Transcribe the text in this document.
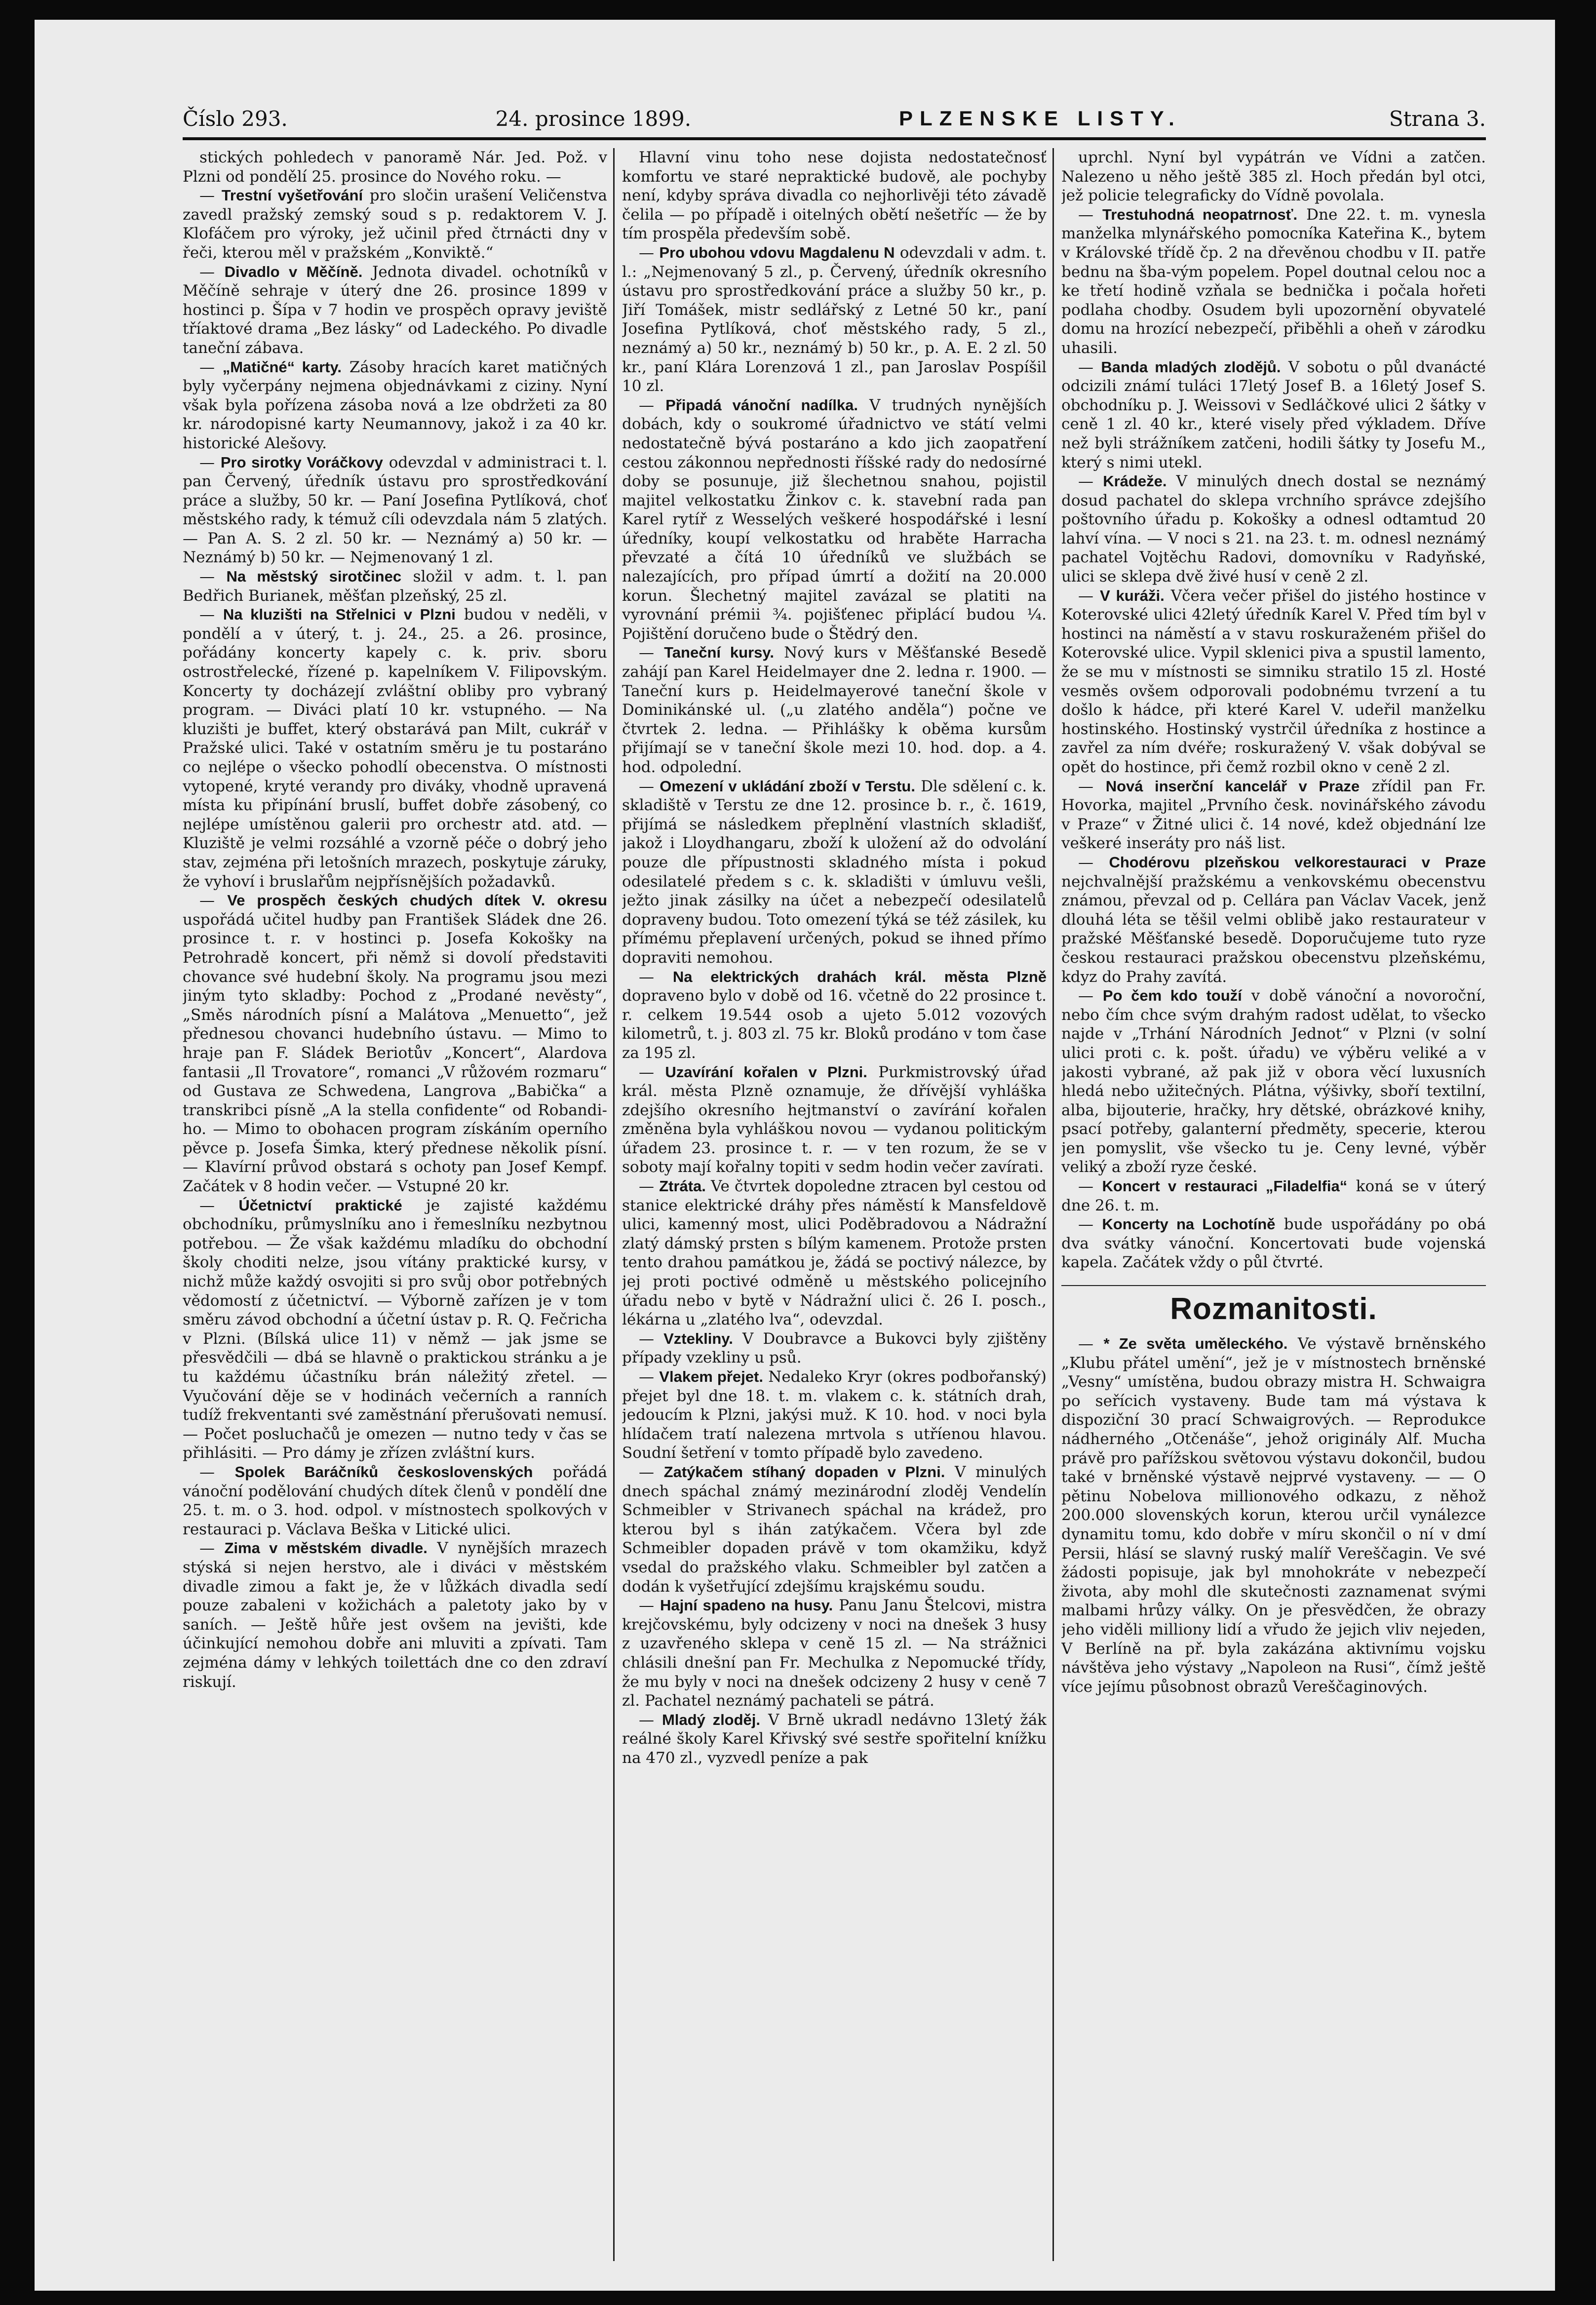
Číslo 293.	24. prosince 1899.	PLZENSKE LISTY.	Strana 3.

stických pohledech v panoramě Nár. Jed. Pož. v Plzni od pondělí 25. prosince do Nového roku. —

— Trestní vyšetřování pro sločin urašení Veličenstva zavedl pražský zemský soud s p. redaktorem V. J. Klofáčem pro výroky, jež učinil před čtrnácti dny v řeči, kterou měl v pražském „Konviktě.“

— Divadlo v Měčíně. Jednota divadel. ochotníků v Měčíně sehraje v úterý dne 26. prosince 1899 v hostinci p. Šípa v 7 hodin ve prospěch opravy jeviště tříaktové drama „Bez lásky“ od Ladeckého. Po divadle taneční zábava.

— „Matičné“ karty. Zásoby hracích karet matičných byly vyčerpány nejmena objednávkami z ciziny. Nyní však byla pořízena zásoba nová a lze obdržeti za 80 kr. národopisné karty Neumannovy, jakož i za 40 kr. historické Alešovy.

— Pro sirotky Voráčkovy odevzdal v administraci t. l. pan Červený, úředník ústavu pro sprostředkování práce a služby, 50 kr. — Paní Josefina Pytlíková, choť městského rady, k témuž cíli odevzdala nám 5 zlatých. — Pan A. S. 2 zl. 50 kr. — Neznámý a) 50 kr. — Neznámý b) 50 kr. — Nejmenovaný 1 zl.

— Na městský sirotčinec složil v adm. t. l. pan Bedřich Burianek, měšťan plzeňský, 25 zl.

— Na kluzišti na Střelnici v Plzni budou v neděli, v pondělí a v úterý, t. j. 24., 25. a 26. prosince, pořádány koncerty kapely c. k. priv. sboru ostrostřelecké, řízené p. kapelníkem V. Filipovským. Koncerty ty docházejí zvláštní obliby pro vybraný program. — Diváci platí 10 kr. vstupného. — Na kluzišti je buffet, který obstarává pan Milt, cukrář v Pražské ulici. Také v ostatním směru je tu postaráno co nejlépe o všecko pohodlí obecenstva. O místnosti vytopené, kryté verandy pro diváky, vhodně upravená místa ku připínání bruslí, buffet dobře zásobený, co nejlépe umístěnou galerii pro orchestr atd. atd. — Kluziště je velmi rozsáhlé a vzorně péče o dobrý jeho stav, zejména při letošních mrazech, poskytuje záruky, že vyhoví i bruslařům nejpřísnějších požadavků.

— Ve prospěch českých chudých dítek V. okresu uspořádá učitel hudby pan František Sládek dne 26. prosince t. r. v hostinci p. Josefa Kokošky na Petrohradě koncert, při němž si dovolí představiti chovance své hudební školy. Na programu jsou mezi jiným tyto skladby: Pochod z „Prodané nevěsty“, „Směs národních písní a Malátova „Menuetto“, jež přednesou chovanci hudebního ústavu. — Mimo to hraje pan F. Sládek Beriotův „Koncert“, Alardova fantasii „Il Trovatore“, romanci „V růžovém rozmaru“ od Gustava ze Schwedena, Langrova „Babička“ a transkribci písně „A la stella confidente“ od Robandi-ho. — Mimo to obohacen program získáním operního pěvce p. Josefa Šimka, který přednese několik písní. — Klavírní průvod obstará s ochoty pan Josef Kempf. Začátek v 8 hodin večer. — Vstupné 20 kr.

— Účetnictví praktické je zajisté každému obchodníku, průmyslníku ano i řemeslníku nezbytnou potřebou. — Že však každému mladíku do obchodní školy choditi nelze, jsou vítány praktické kursy, v nichž může každý osvojiti si pro svůj obor potřebných vědomostí z účetnictví. — Výborně zařízen je v tom směru závod obchodní a účetní ústav p. R. Q. Fečricha v Plzni. (Bílská ulice 11) v němž — jak jsme se přesvědčili — dbá se hlavně o praktickou stránku a je tu každému účastníku brán náležitý zřetel. — Vyučování děje se v hodinách večerních a ranních tudíž frekventanti své zaměstnání přerušovati nemusí. — Počet posluchačů je omezen — nutno tedy v čas se přihlásiti. — Pro dámy je zřízen zvláštní kurs.

— Spolek Baráčníků československých pořádá vánoční podělování chudých dítek členů v pondělí dne 25. t. m. o 3. hod. odpol. v místnostech spolkových v restauraci p. Václava Beška v Litické ulici.

— Zima v městském divadle. V nynějších mrazech stýská si nejen herstvo, ale i diváci v městském divadle zimou a fakt je, že v lůžkách divadla sedí pouze zabaleni v kožichách a paletoty jako by v saních. — Ještě hůře jest ovšem na jevišti, kde účinkující nemohou dobře ani mluviti a zpívati. Tam zejména dámy v lehkých toilettách dne co den zdraví riskují.

Hlavní vinu toho nese dojista nedostatečnosť komfortu ve staré nepraktické budově, ale pochyby není, kdyby správa divadla co nejhorlivěji této závadě čelila — po případě i oitelných obětí nešetříc — že by tím prospěla především sobě.

— Pro ubohou vdovu Magdalenu N odevzdali v adm. t. l.: „Nejmenovaný 5 zl., p. Červený, úředník okresního ústavu pro sprostředkování práce a služby 50 kr., p. Jiří Tomášek, mistr sedlářský z Letné 50 kr., paní Josefina Pytlíková, choť městského rady, 5 zl., neznámý a) 50 kr., neznámý b) 50 kr., p. A. E. 2 zl. 50 kr., paní Klára Lorenzová 1 zl., pan Jaroslav Pospíšil 10 zl.

— Připadá vánoční nadílka. V trudných nynějších dobách, kdy o soukromé úřadnictvo ve státí velmi nedostatečně bývá postaráno a kdo jich zaopatření cestou zákonnou nepřednosti říšské rady do nedosírné doby se posunuje, již šlechetnou snahou, pojistil majitel velkostatku Žinkov c. k. stavební rada pan Karel rytíř z Wesselých veškeré hospodářské i lesní úředníky, koupí velkostatku od hraběte Harracha převzaté a čítá 10 úředníků ve službách se nalezajících, pro případ úmrtí a dožití na 20.000 korun. Šlechetný majitel zavázal se platiti na vyrovnání prémii ¾. pojišťenec připlácí budou ¼. Pojištění doručeno bude o Štědrý den.

— Taneční kursy. Nový kurs v Měšťanské Besedě zahájí pan Karel Heidelmayer dne 2. ledna r. 1900. — Taneční kurs p. Heidelmayerové taneční škole v Dominikánské ul. („u zlatého anděla“) počne ve čtvrtek 2. ledna. — Přihlášky k oběma kursům přijímají se v taneční škole mezi 10. hod. dop. a 4. hod. odpolední.

— Omezení v ukládání zboží v Terstu. Dle sdělení c. k. skladiště v Terstu ze dne 12. prosince b. r., č. 1619, přijímá se následkem přeplnění vlastních skladišť, jakož i Lloydhangaru, zboží k uložení až do odvolání pouze dle přípustnosti skladného místa i pokud odesilatelé předem s c. k. skladišti v úmluvu vešli, ježto jinak zásilky na účet a nebezpečí odesilatelů dopraveny budou. Toto omezení týká se též zásilek, ku přímému přeplavení určených, pokud se ihned přímo dopraviti nemohou.

— Na elektrických drahách král. města Plzně dopraveno bylo v době od 16. včetně do 22 prosince t. r. celkem 19.544 osob a ujeto 5.012 vozových kilometrů, t. j. 803 zl. 75 kr. Bloků prodáno v tom čase za 195 zl.

— Uzavírání kořalen v Plzni. Purkmistrovský úřad král. města Plzně oznamuje, že dřívější vyhláška zdejšího okresního hejtmanství o zavírání kořalen změněna byla vyhláškou novou — vydanou politickým úřadem 23. prosince t. r. — v ten rozum, že se v soboty mají kořalny topiti v sedm hodin večer zavírati.

— Ztráta. Ve čtvrtek dopoledne ztracen byl cestou od stanice elektrické dráhy přes náměstí k Mansfeldově ulici, kamenný most, ulici Poděbradovou a Nádražní zlatý dámský prsten s bílým kamenem. Protože prsten tento drahou památkou je, žádá se poctivý nálezce, by jej proti poctivé odměně u městského policejního úřadu nebo v bytě v Nádražní ulici č. 26 I. posch., lékárna u „zlatého lva“, odevzdal.

— Vztekliny. V Doubravce a Bukovci byly zjištěny případy vzekliny u psů.

— Vlakem přejet. Nedaleko Kryr (okres podbořanský) přejet byl dne 18. t. m. vlakem c. k. státních drah, jedoucím k Plzni, jakýsi muž. K 10. hod. v noci byla hlídačem tratí nalezena mrtvola s utříenou hlavou. Soudní šetření v tomto případě bylo zavedeno.

— Zatýkačem stíhaný dopaden v Plzni. V minulých dnech spáchal známý mezinárodní zloděj Vendelín Schmeibler v Strivanech spáchal na krádež, pro kterou byl s ihán zatýkačem. Včera byl zde Schmeibler dopaden právě v tom okamžiku, když vsedal do pražského vlaku. Schmeibler byl zatčen a dodán k vyšetřující zdejšímu krajskému soudu.

— Hajní spadeno na husy. Panu Janu Štelcovi, mistra krejčovskému, byly odcizeny v noci na dnešek 3 husy z uzavřeného sklepa v ceně 15 zl. — Na strážnici chlásili dnešní pan Fr. Mechulka z Nepomucké třídy, že mu byly v noci na dnešek odcizeny 2 husy v ceně 7 zl. Pachatel neznámý pachateli se pátrá.

— Mladý zloděj. V Brně ukradl nedávno 13letý žák reálné školy Karel Křivský své sestře spořitelní knížku na 470 zl., vyzvedl peníze a pak

uprchl. Nyní byl vypátrán ve Vídni a zatčen. Nalezeno u něho ještě 385 zl. Hoch předán byl otci, jež policie telegraficky do Vídně povolala.

— Trestuhodná neopatrnosť. Dne 22. t. m. vynesla manželka mlynářského pomocníka Kateřina K., bytem v Královské třídě čp. 2 na dřevěnou chodbu v II. patře bednu na šba-vým popelem. Popel doutnal celou noc a ke třetí hodině vzňala se bednička i počala hořeti podlaha chodby. Osudem byli upozornění obyvatelé domu na hrozící nebezpečí, přiběhli a oheň v zárodku uhasili.

— Banda mladých zlodějů. V sobotu o půl dvanácté odcizili známí tuláci 17letý Josef B. a 16letý Josef S. obchodníku p. J. Weissovi v Sedláčkové ulici 2 šátky v ceně 1 zl. 40 kr., které visely před výkladem. Dříve než byli strážníkem zatčeni, hodili šátky ty Josefu M., který s nimi utekl.

— Krádeže. V minulých dnech dostal se neznámý dosud pachatel do sklepa vrchního správce zdejšího poštovního úřadu p. Kokošky a odnesl odtamtud 20 lahví vína. — V noci s 21. na 23. t. m. odnesl neznámý pachatel Vojtěchu Radovi, domovníku v Radyňské, ulici se sklepa dvě živé husí v ceně 2 zl.

— V kuráži. Včera večer přišel do jistého hostince v Koterovské ulici 42letý úředník Karel V. Před tím byl v hostinci na náměstí a v stavu roskuraženém přišel do Koterovské ulice. Vypil sklenici piva a spustil lamento, že se mu v místnosti se simniku stratilo 15 zl. Hosté vesměs ovšem odporovali podobnému tvrzení a tu došlo k hádce, při které Karel V. udeřil manželku hostinského. Hostinský vystrčil úředníka z hostince a zavřel za ním dvéře; roskuražený V. však dobýval se opět do hostince, při čemž rozbil okno v ceně 2 zl.

— Nová inserční kancelář v Praze zřídil pan Fr. Hovorka, majitel „Prvního česk. novinářského závodu v Praze“ v Žitné ulici č. 14 nové, kdež objednání lze veškeré inseráty pro náš list.

— Chodérovu plzeňskou velkorestauraci v Praze nejchvalnější pražskému a venkovskému obecenstvu známou, převzal od p. Cellára pan Václav Vacek, jenž dlouhá léta se těšil velmi oblibě jako restaurateur v pražské Měšťanské besedě. Doporučujeme tuto ryze českou restauraci pražskou obecenstvu plzeňskému, kdyz do Prahy zavítá.

— Po čem kdo touží v době vánoční a novoroční, nebo čím chce svým drahým radost udělat, to všecko najde v „Trhání Národních Jednot“ v Plzni (v solní ulici proti c. k. pošt. úřadu) ve výběru veliké a v jakosti vybrané, až pak již v obora věcí luxusních hledá nebo užitečných. Plátna, výšivky, sboří textilní, alba, bijouterie, hračky, hry dětské, obrázkové knihy, psací potřeby, galanterní předměty, specerie, kterou jen pomyslit, vše všecko tu je. Ceny levné, výběr veliký a zboží ryze české.

— Koncert v restauraci „Filadelfia“ koná se v úterý dne 26. t. m.

— Koncerty na Lochotíně bude uspořádány po obá dva svátky vánoční. Koncertovati bude vojenská kapela. Začátek vždy o půl čtvrté.

Rozmanitosti.

— * Ze světa uměleckého. Ve výstavě brněnského „Klubu přátel umění“, jež je v místnostech brněnské „Vesny“ umístěna, budou obrazy mistra H. Schwaigra po seřícich vystaveny. Bude tam má výstava k dispoziční 30 prací Schwaigrových. — Reprodukce nádherného „Otčenáše“, jehož originály Alf. Mucha právě pro pařížskou světovou výstavu dokončil, budou také v brněnské výstavě nejprvé vystaveny. — — O pětinu Nobelova millionového odkazu, z něhož 200.000 slovenských korun, kterou určil vynálezce dynamitu tomu, kdo dobře v míru skončil o ní v dmí Persii, hlásí se slavný ruský malíř Vereščagin. Ve své žádosti popisuje, jak byl mnohokráte v nebezpečí života, aby mohl dle skutečnosti zaznamenat svými malbami hrůzy války. On je přesvědčen, že obrazy jeho viděli milliony lidí a vřudo že jejich vliv nejeden, V Berlíně na př. byla zakázána aktivnímu vojsku návštěva jeho výstavy „Napoleon na Rusi“, čímž ještě více jejímu působnost obrazů Vereščaginových.
